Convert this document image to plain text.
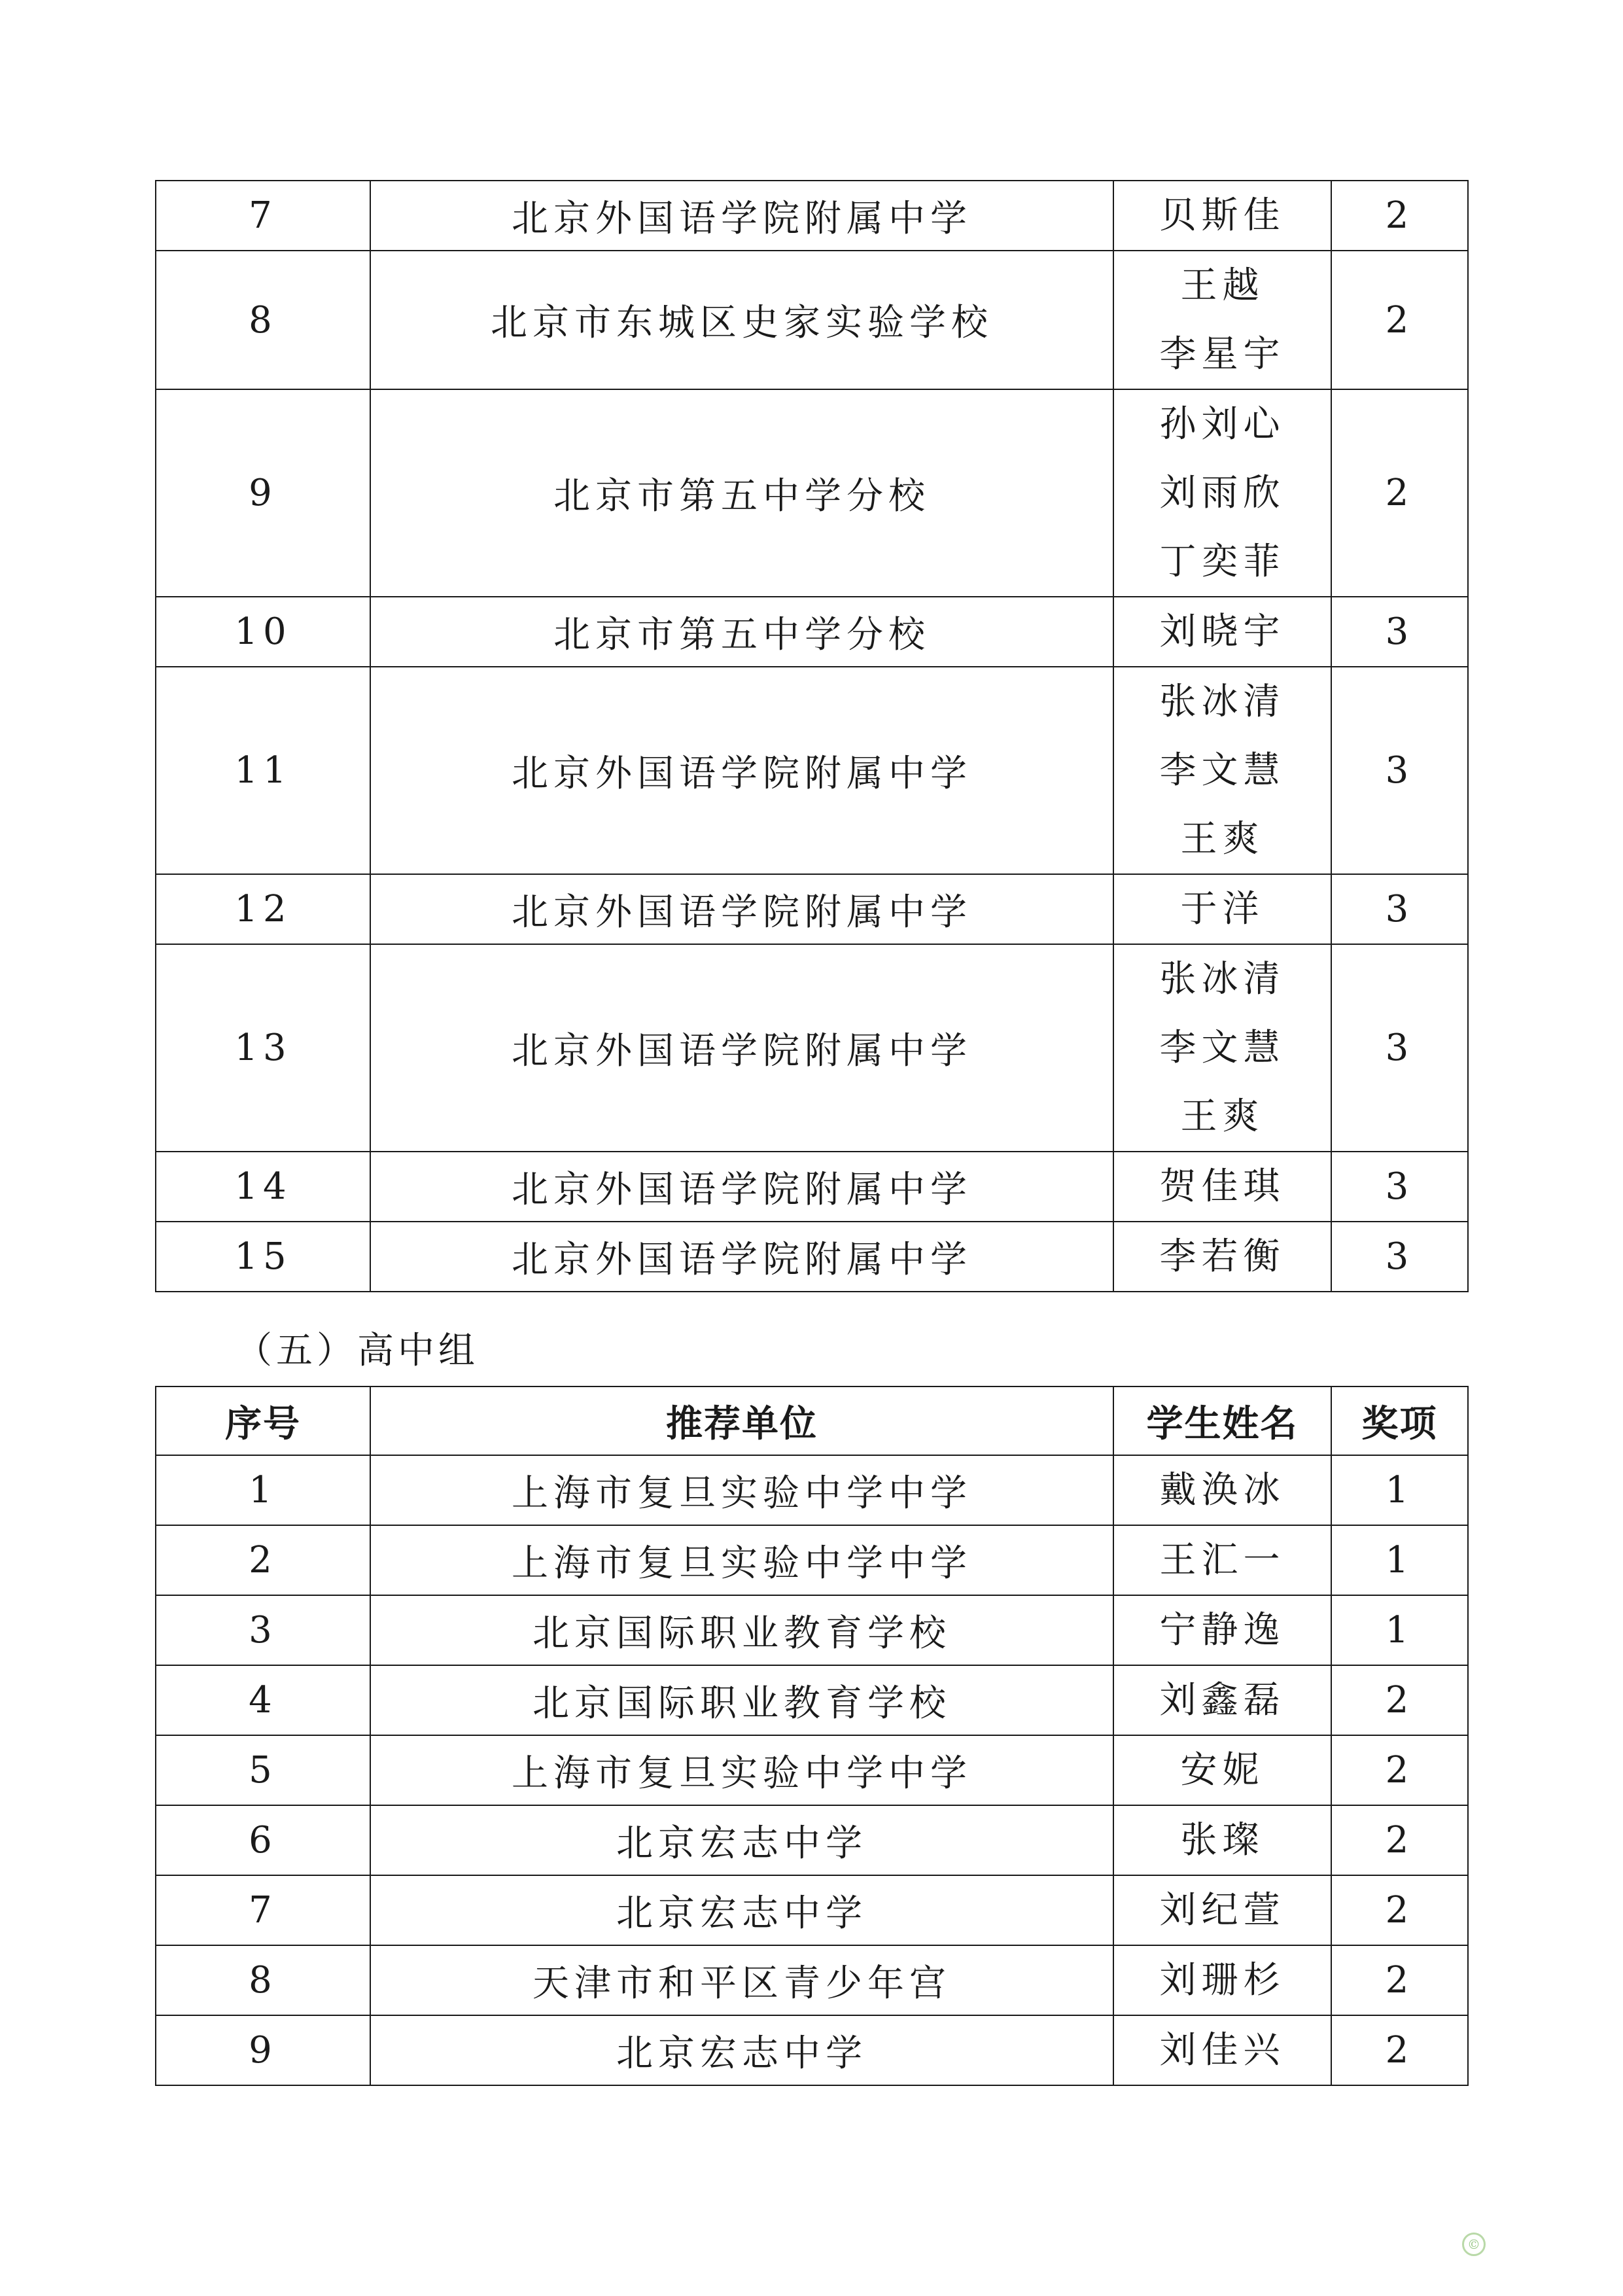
7	北京外国语学院附属中学	贝斯佳	2
8	北京市东城区史家实验学校	王越
李星宇	2
9	北京市第五中学分校	孙刘心
刘雨欣
丁奕菲	2
10	北京市第五中学分校	刘晓宇	3
11	北京外国语学院附属中学	张冰清
李文慧
王爽	3
12	北京外国语学院附属中学	于洋	3
13	北京外国语学院附属中学	张冰清
李文慧
王爽	3
14	北京外国语学院附属中学	贺佳琪	3
15	北京外国语学院附属中学	李若衡	3
（五）高中组
序号	推荐单位	学生姓名	奖项
1	上海市复旦实验中学中学	戴涣冰	1
2	上海市复旦实验中学中学	王汇一	1
3	北京国际职业教育学校	宁静逸	1
4	北京国际职业教育学校	刘鑫磊	2
5	上海市复旦实验中学中学	安妮	2
6	北京宏志中学	张璨	2
7	北京宏志中学	刘纪萱	2
8	天津市和平区青少年宫	刘珊杉	2
9	北京宏志中学	刘佳兴	2
©
